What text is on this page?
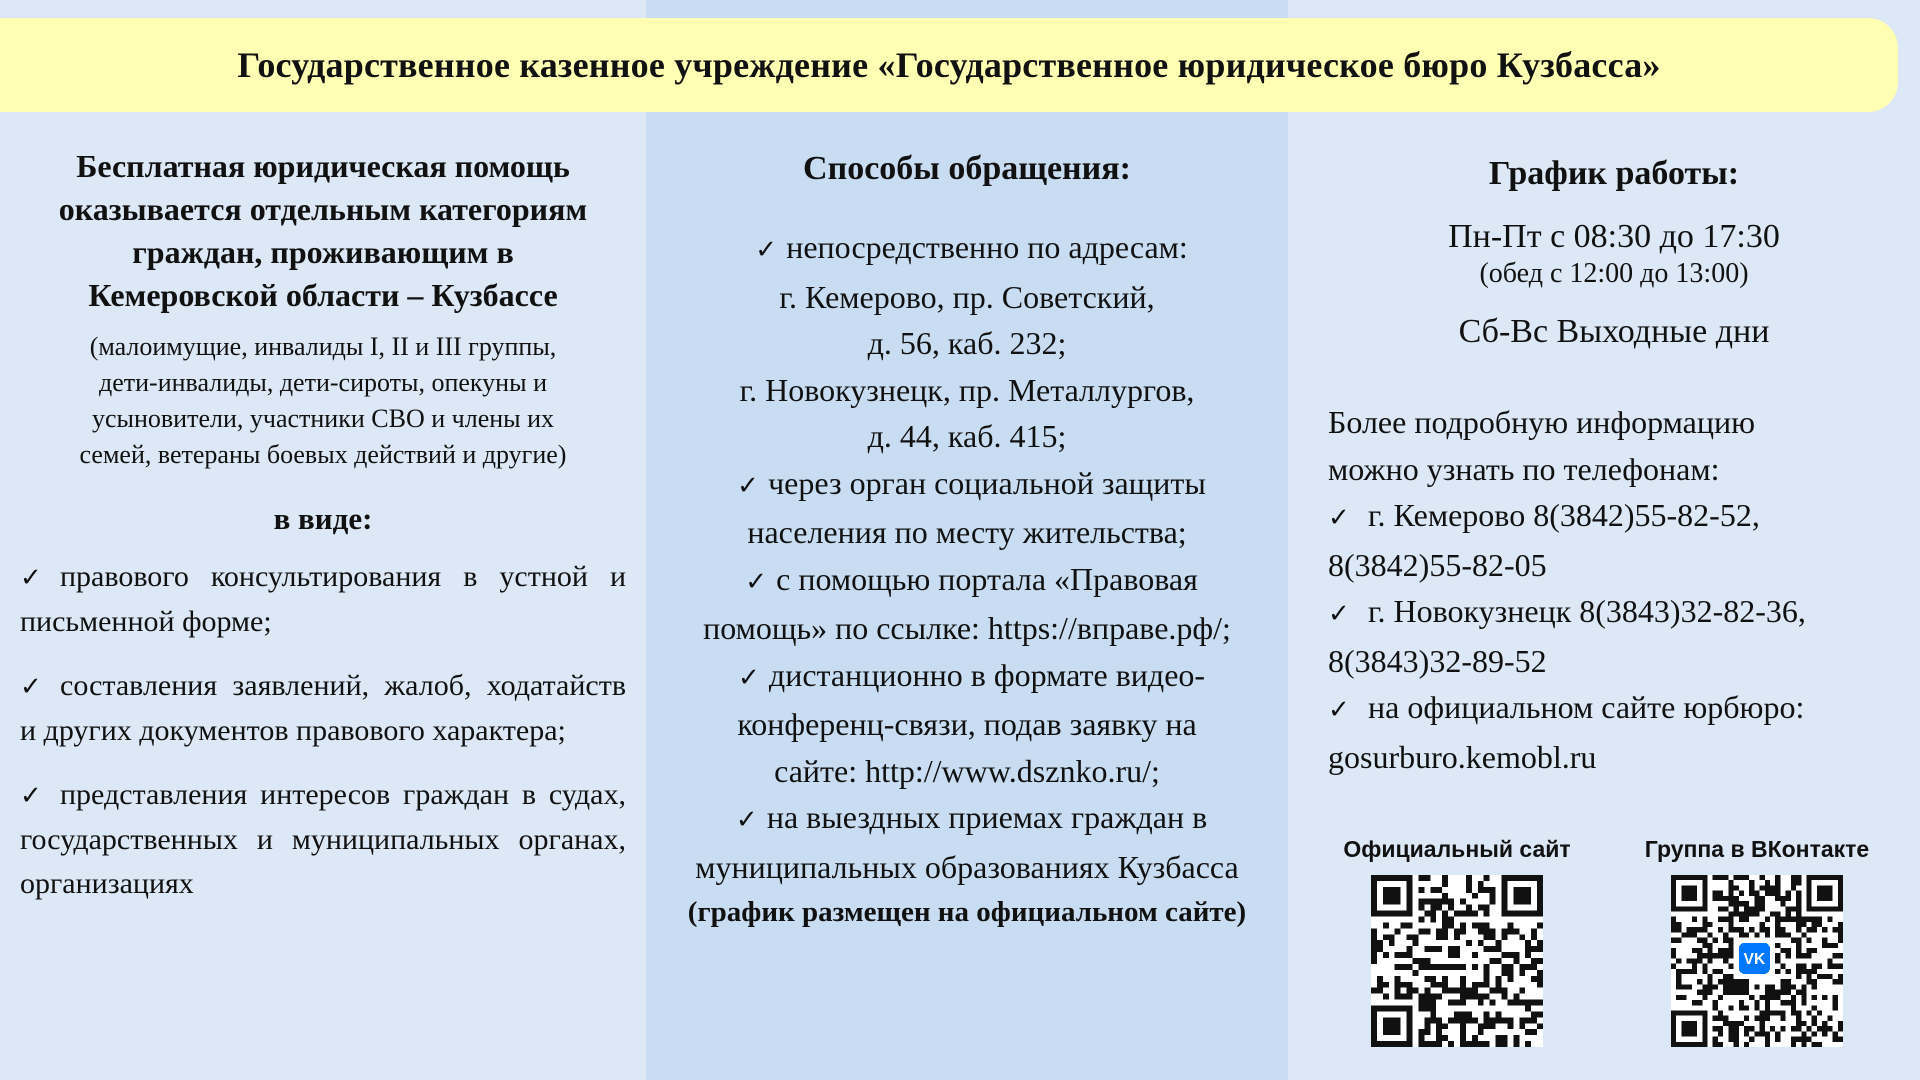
Государственное казенное учреждение «Государственное юридическое бюро Кузбасса»

Бесплатная юридическая помощь
оказывается отдельным категориям
граждан, проживающим в
Кемеровской области – Кузбассе

(малоимущие, инвалиды I, II и III группы,
дети-инвалиды, дети-сироты, опекуны и
усыновители, участники СВО и члены их
семей, ветераны боевых действий и другие)

в виде:

✓ правового консультирования в устной и письменной форме;

✓ составления заявлений, жалоб, ходатайств и других документов правового характера;

✓ представления интересов граждан в судах, государственных и муниципальных органах, организациях

Способы обращения:

✓ непосредственно по адресам:
г. Кемерово, пр. Советский,
д. 56, каб. 232;
г. Новокузнецк, пр. Металлургов,
д. 44, каб. 415;

✓ через орган социальной защиты
населения по месту жительства;

✓ с помощью портала «Правовая
помощь» по ссылке: https://вправе.рф/;

✓ дистанционно в формате видео-
конференц-связи, подав заявку на
сайте: http://www.dsznko.ru/;

✓ на выездных приемах граждан в
муниципальных образованиях Кузбасса

(график размещен на официальном сайте)

График работы:

Пн-Пт с 08:30 до 17:30

(обед с 12:00 до 13:00)

Сб-Вс Выходные дни

Более подробную информацию
можно узнать по телефонам:
✓ г. Кемерово 8(3842)55-82-52,
8(3842)55-82-05
✓ г. Новокузнецк 8(3843)32-82-36,
8(3843)32-89-52
✓ на официальном сайте юрбюро:
gosurburo.kemobl.ru

Официальный сайт	Группа в ВКонтакте

VK
